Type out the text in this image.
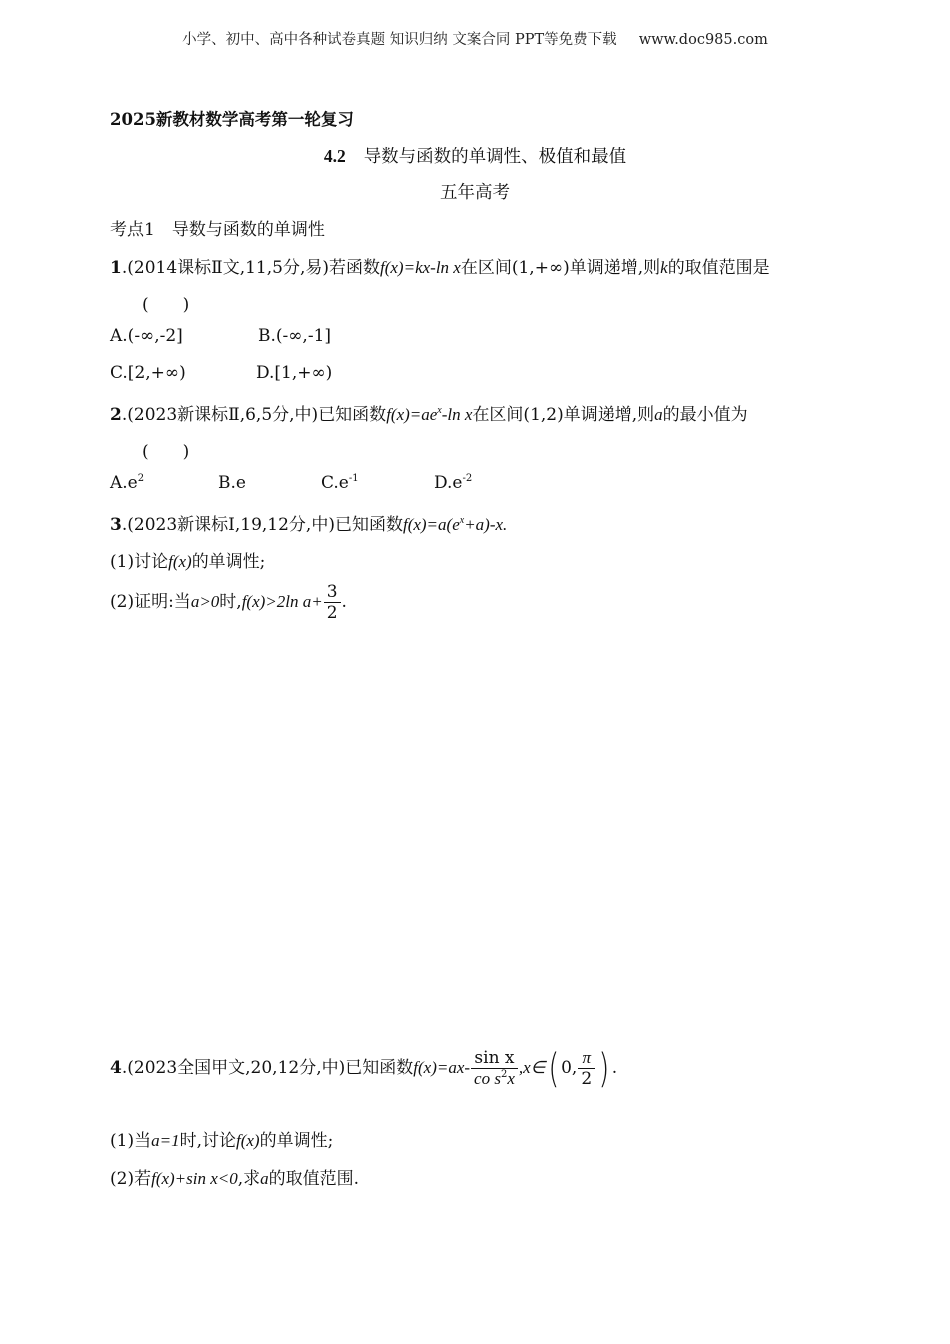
小学、初中、高中各种试卷真题 知识归纳 文案合同 PPT等免费下载 www.doc985.com
2025新教材数学高考第一轮复习
4.2 导数与函数的单调性、极值和最值
五年高考
考点1　导数与函数的单调性
1.(2014课标Ⅱ文,11,5分,易)若函数f(x)=kx-ln x在区间(1,+∞)单调递增,则k的取值范围是
(　　)
A.(-∞,-2]	B.(-∞,-1]
C.[2,+∞)	D.[1,+∞)
2.(2023新课标Ⅱ,6,5分,中)已知函数$f(x)=ae^x-\ln$ x在区间(1,2)单调递增,则a的最小值为
(　　)
$A.e^2$	B.e	$C.e^{-1}$	$D.e^{-2}$
3.(2023新课标Ⅰ,19,12分,中)已知函数$f(x)=a(e^x+a)-x$.
(1)讨论f(x)的单调性;
(2)证明:当a>0时,f(x)>2ln $a+ \frac{3}{2}$ .
4.(2023全国甲文,20,12分,中)已知函数$f(x)=ax- \frac{\text{sin x}}{co s^2x}$ ,x∈( 0, $\frac{\pi}{2}$ ) .
(1)当a=1时,讨论f(x)的单调性;
(2)若f(x)+sin x<0,求a的取值范围.
